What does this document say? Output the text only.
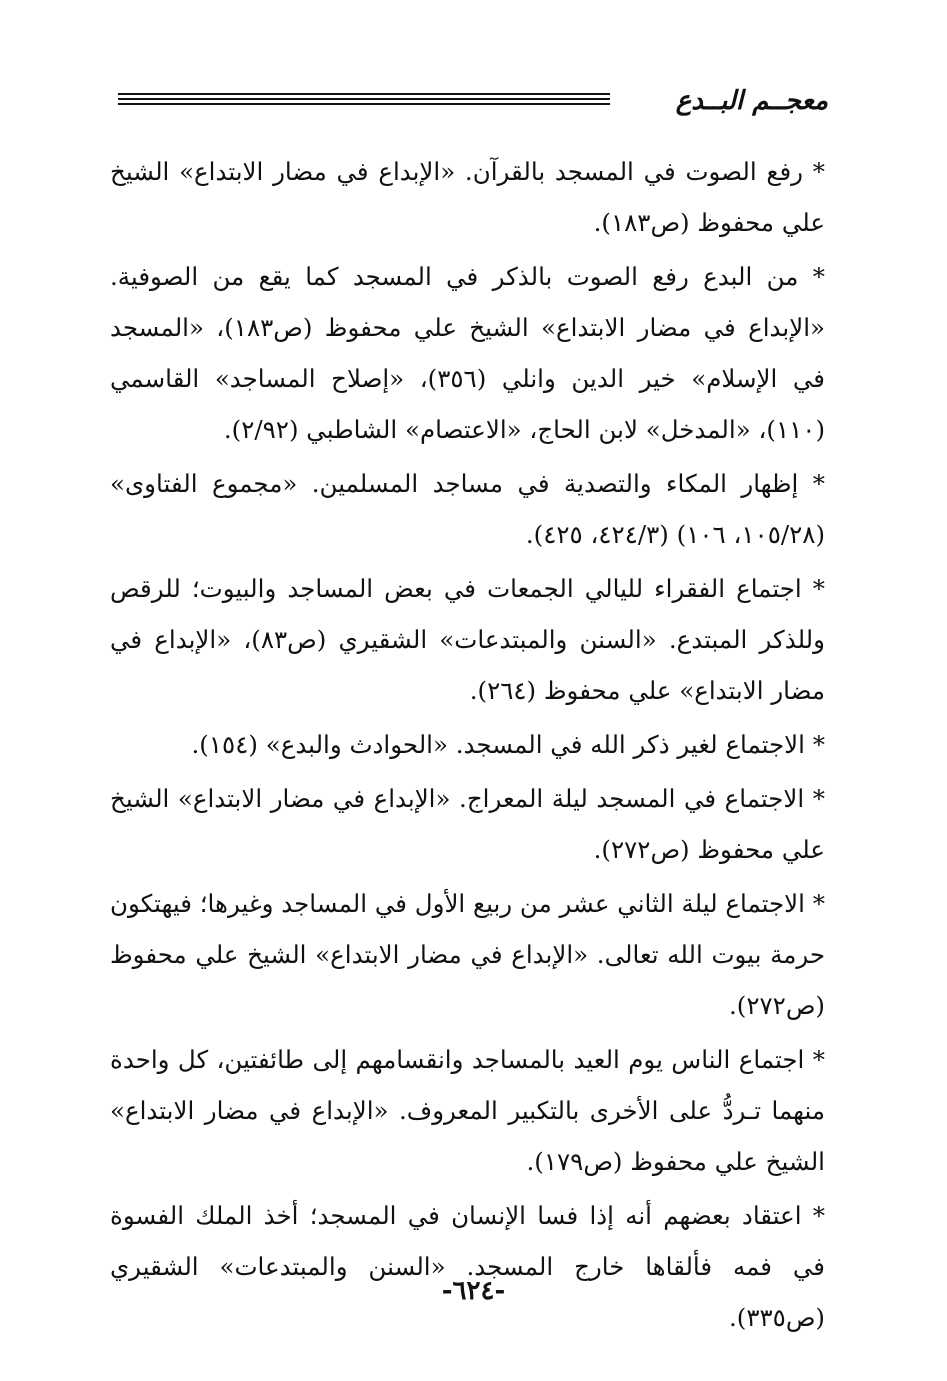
معجــم البــدع

* رفع الصوت في المسجد بالقرآن. «الإبداع في مضار الابتداع» الشيخ علي محفوظ (ص١٨٣).

* من البدع رفع الصوت بالذكر في المسجد كما يقع من الصوفية. «الإبداع في مضار الابتداع» الشيخ علي محفوظ (ص١٨٣)، «المسجد في الإسلام» خير الدين وانلي (٣٥٦)، «إصلاح المساجد» القاسمي (١١٠)، «المدخل» لابن الحاج، «الاعتصام» الشاطبي (٢/٩٢).

* إظهار المكاء والتصدية في مساجد المسلمين. «مجموع الفتاوى» (١٠٥/٢٨، ١٠٦) (٤٢٤/٣، ٤٢٥).

* اجتماع الفقراء لليالي الجمعات في بعض المساجد والبيوت؛ للرقص وللذكر المبتدع. «السنن والمبتدعات» الشقيري (ص٨٣)، «الإبداع في مضار الابتداع» علي محفوظ (٢٦٤).

* الاجتماع لغير ذكر الله في المسجد. «الحوادث والبدع» (١٥٤).

* الاجتماع في المسجد ليلة المعراج. «الإبداع في مضار الابتداع» الشيخ علي محفوظ (ص٢٧٢).

* الاجتماع ليلة الثاني عشر من ربيع الأول في المساجد وغيرها؛ فيهتكون حرمة بيوت الله تعالى. «الإبداع في مضار الابتداع» الشيخ علي محفوظ (ص٢٧٢).

* اجتماع الناس يوم العيد بالمساجد وانقسامهم إلى طائفتين، كل واحدة منهما تـردُّ على الأخرى بالتكبير المعروف. «الإبداع في مضار الابتداع» الشيخ علي محفوظ (ص١٧٩).

* اعتقاد بعضهم أنه إذا فسا الإنسان في المسجد؛ أخذ الملك الفسوة في فمه فألقاها خارج المسجد. «السنن والمبتدعات» الشقيري (ص٣٣٥).

-٦٢٤-
